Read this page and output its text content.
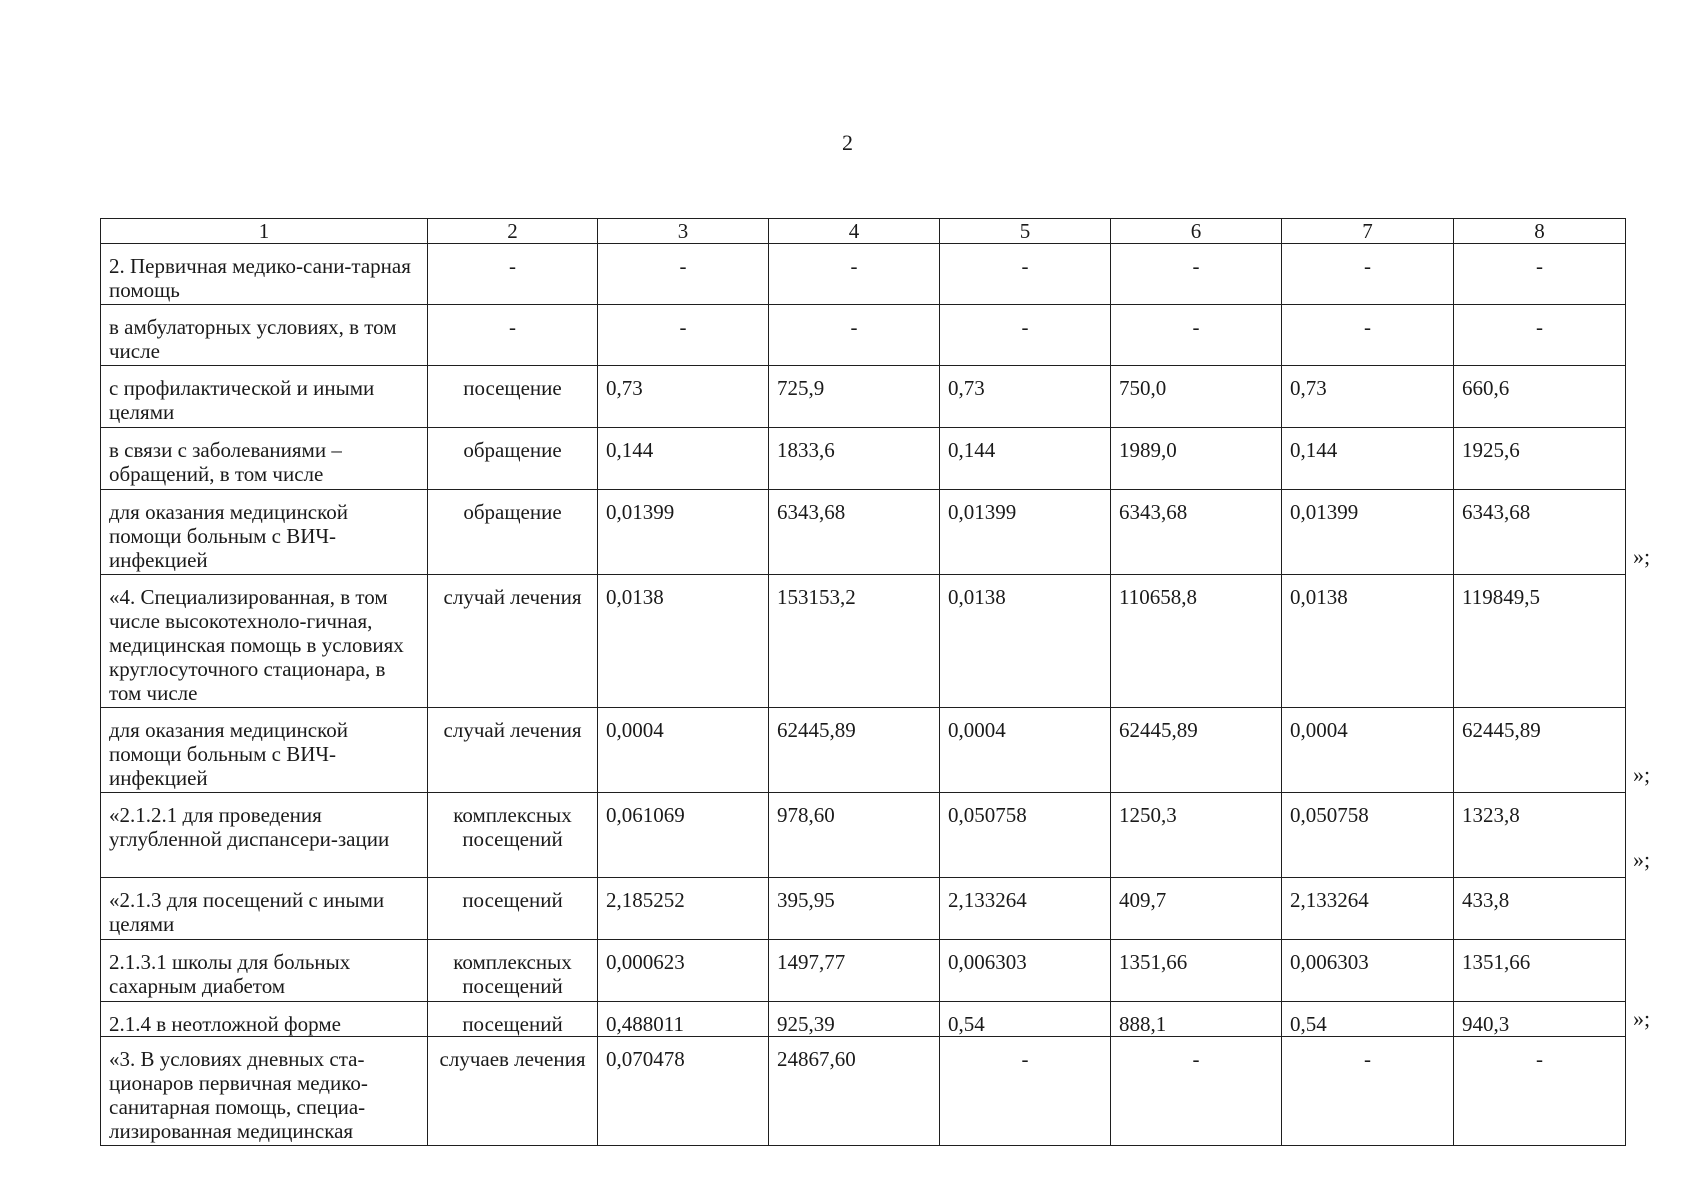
2
1	2	3	4	5	6	7	8
2. Первичная медико-сани-тарная помощь	-	-	-	-	-	-	-
в амбулаторных условиях, в том числе	-	-	-	-	-	-	-
с профилактической и иными целями	посещение	0,73	725,9	0,73	750,0	0,73	660,6
в связи с заболеваниями – обращений, в том числе	обращение	0,144	1833,6	0,144	1989,0	0,144	1925,6
для оказания медицинской помощи больным с ВИЧ-инфекцией	обращение	0,01399	6343,68	0,01399	6343,68	0,01399	6343,68
«4. Специализированная, в том числе высокотехноло-гичная, медицинская помощь в условиях круглосуточного стационара, в том числе	случай лечения	0,0138	153153,2	0,0138	110658,8	0,0138	119849,5
для оказания медицинской помощи больным с ВИЧ-инфекцией	случай лечения	0,0004	62445,89	0,0004	62445,89	0,0004	62445,89
«2.1.2.1 для проведения углубленной диспансери-зации	комплексных посещений	0,061069	978,60	0,050758	1250,3	0,050758	1323,8
«2.1.3 для посещений с иными целями	посещений	2,185252	395,95	2,133264	409,7	2,133264	433,8
2.1.3.1 школы для больных сахарным диабетом	комплексных посещений	0,000623	1497,77	0,006303	1351,66	0,006303	1351,66
2.1.4 в неотложной форме	посещений	0,488011	925,39	0,54	888,1	0,54	940,3
«3. В условиях дневных ста-ционаров первичная медико-санитарная помощь, специа-лизированная медицинская	случаев лечения	0,070478	24867,60	-	-	-	-
»;
»;
»;
»;
